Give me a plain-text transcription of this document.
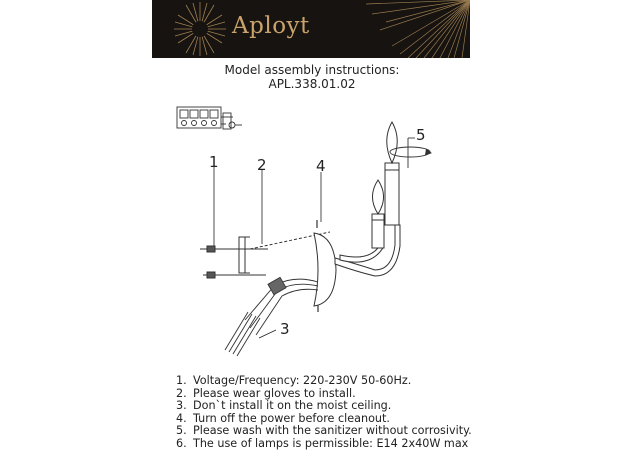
Aployt
Model assembly instructions:
APL.338.01.02
1	2	4
3
5
1. Voltage/Frequency: 220-230V 50-60Hz.
2. Please wear gloves to install.
3. Don`t install it on the moist ceiling.
4. Turn off the power before cleanout.
5. Please wash with the sanitizer without corrosivity.
6. The use of lamps is permissible: E14 2x40W max
